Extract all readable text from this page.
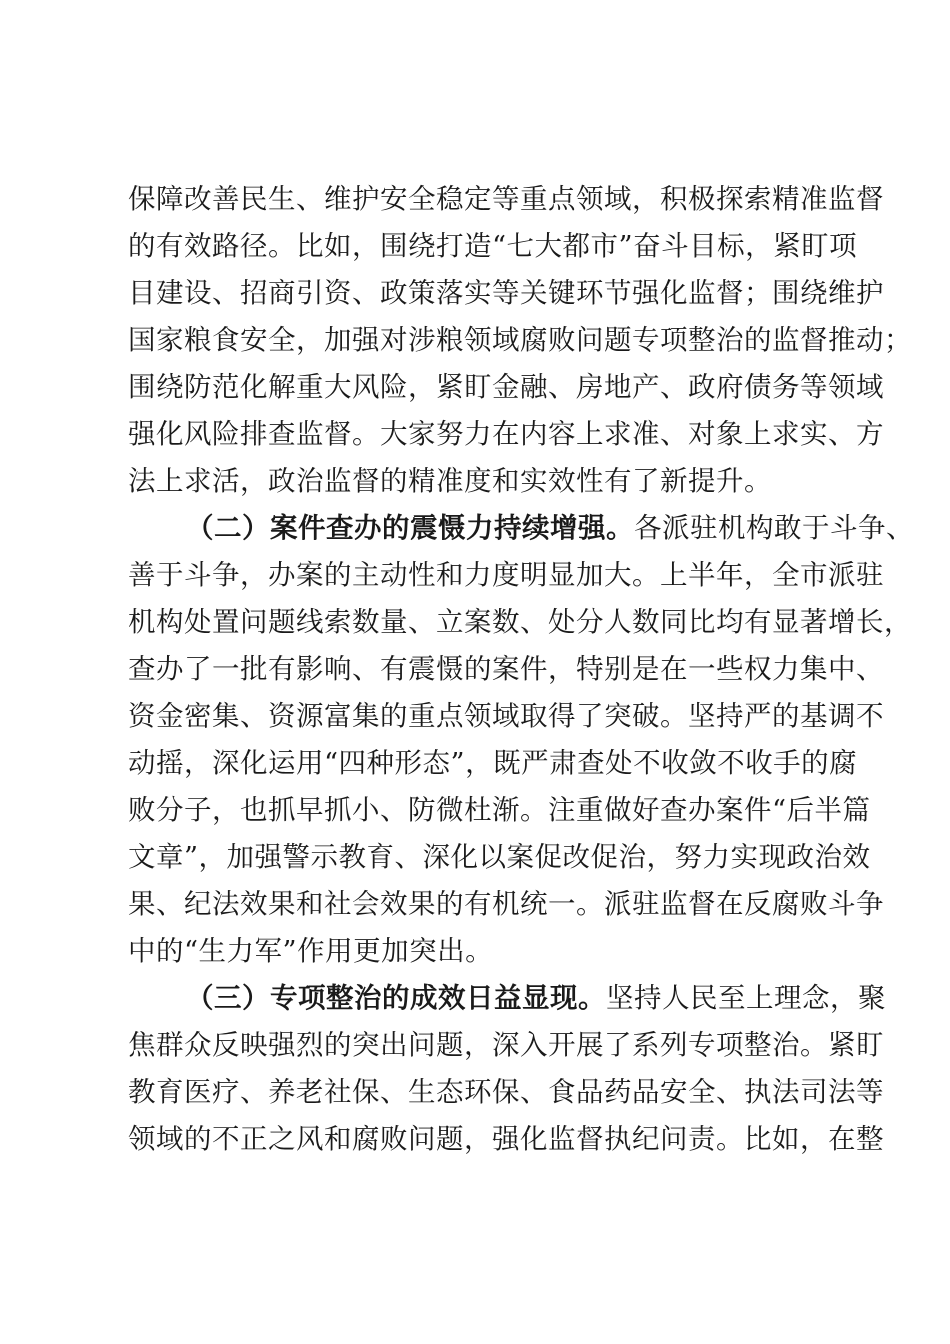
保障改善民生、维护安全稳定等重点领域，积极探索精准监督
的有效路径。比如，围绕打造“七大都市”奋斗目标，紧盯项
目建设、招商引资、政策落实等关键环节强化监督；围绕维护
国家粮食安全，加强对涉粮领域腐败问题专项整治的监督推动；
围绕防范化解重大风险，紧盯金融、房地产、政府债务等领域
强化风险排查监督。大家努力在内容上求准、对象上求实、方
法上求活，政治监督的精准度和实效性有了新提升。
（二）案件查办的震慑力持续增强。各派驻机构敢于斗争、
善于斗争，办案的主动性和力度明显加大。上半年，全市派驻
机构处置问题线索数量、立案数、处分人数同比均有显著增长，
查办了一批有影响、有震慑的案件，特别是在一些权力集中、
资金密集、资源富集的重点领域取得了突破。坚持严的基调不
动摇，深化运用“四种形态”，既严肃查处不收敛不收手的腐
败分子，也抓早抓小、防微杜渐。注重做好查办案件“后半篇
文章”，加强警示教育、深化以案促改促治，努力实现政治效
果、纪法效果和社会效果的有机统一。派驻监督在反腐败斗争
中的“生力军”作用更加突出。
（三）专项整治的成效日益显现。坚持人民至上理念，聚
焦群众反映强烈的突出问题，深入开展了系列专项整治。紧盯
教育医疗、养老社保、生态环保、食品药品安全、执法司法等
领域的不正之风和腐败问题，强化监督执纪问责。比如，在整
